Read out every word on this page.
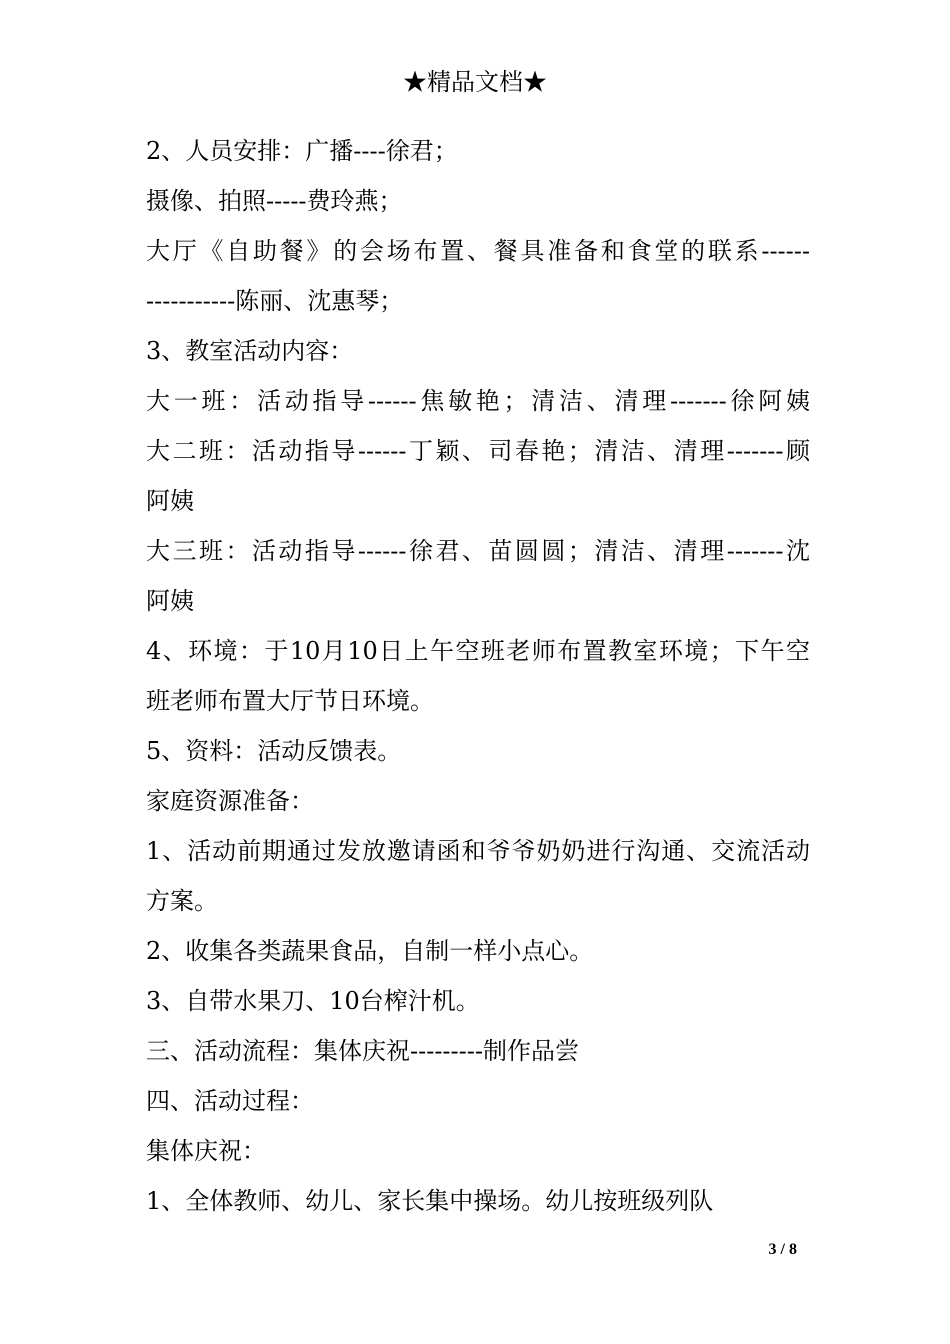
★精品文档★
2、人员安排：广播----徐君；
摄像、拍照-----费玲燕；
大厅《自助餐》的会场布置、餐具准备和食堂的联系------
-----------陈丽、沈惠琴；
3、教室活动内容：
大一班：活动指导------焦敏艳；清洁、清理-------徐阿姨
大二班：活动指导------丁颖、司春艳；清洁、清理-------顾
阿姨
大三班：活动指导------徐君、苗圆圆；清洁、清理-------沈
阿姨
4、环境：于10月10日上午空班老师布置教室环境；下午空
班老师布置大厅节日环境。
5、资料：活动反馈表。
家庭资源准备：
1、活动前期通过发放邀请函和爷爷奶奶进行沟通、交流活动
方案。
2、收集各类蔬果食品，自制一样小点心。
3、自带水果刀、10台榨汁机。
三、活动流程：集体庆祝---------制作品尝
四、活动过程：
集体庆祝：
1、全体教师、幼儿、家长集中操场。幼儿按班级列队
3 / 8
